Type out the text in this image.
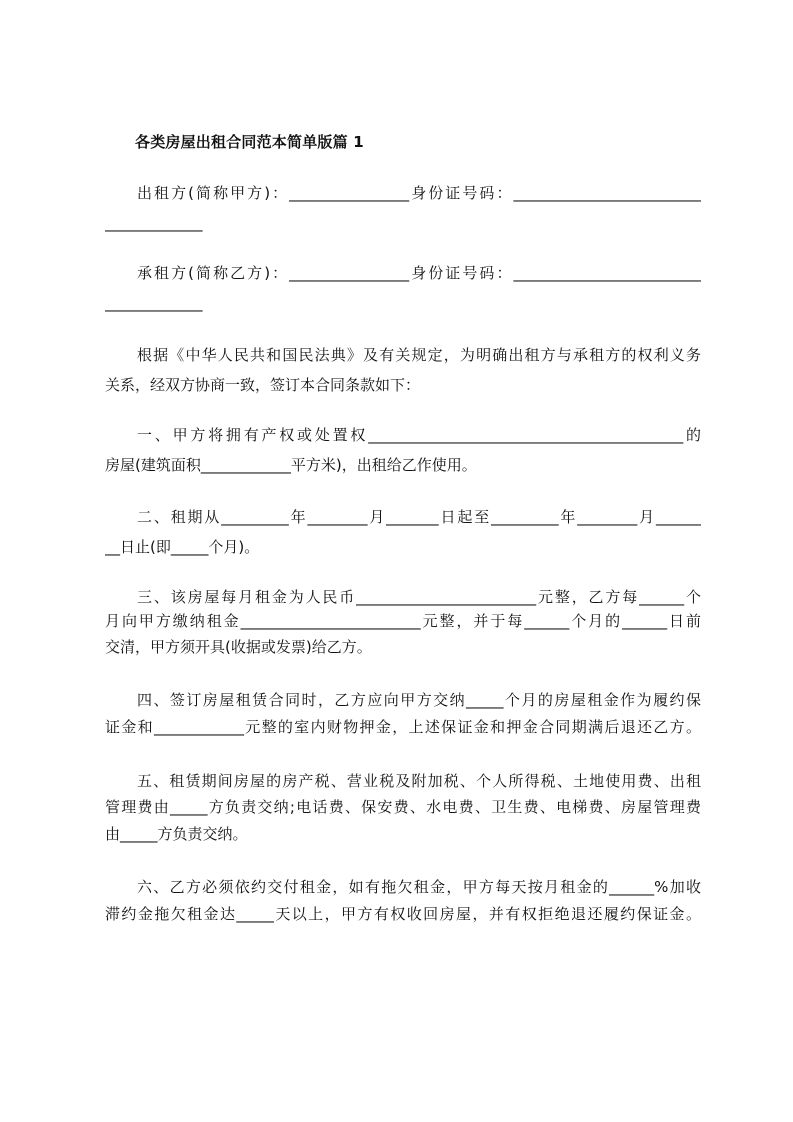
各类房屋出租合同范本简单版篇 1
出租方(简称甲方)：________________身份证号码：_________________________
_____________
承租方(简称乙方)：________________身份证号码：_________________________
_____________
根据《中华人民共和国民法典》及有关规定，为明确出租方与承租方的权利义务
关系，经双方协商一致，签订本合同条款如下：
一、甲方将拥有产权或处置权__________________________________________的
房屋(建筑面积____________平方米)，出租给乙作使用。
二、租期从_________年________月_______日起至_________年________月______
__日止(即_____个月)。
三、该房屋每月租金为人民币________________________元整，乙方每______个
月向甲方缴纳租金________________________元整，并于每______个月的______日前
交清，甲方须开具(收据或发票)给乙方。
四、签订房屋租赁合同时，乙方应向甲方交纳_____个月的房屋租金作为履约保
证金和____________元整的室内财物押金，上述保证金和押金合同期满后退还乙方。
五、租赁期间房屋的房产税、营业税及附加税、个人所得税、土地使用费、出租
管理费由_____方负责交纳;电话费、保安费、水电费、卫生费、电梯费、房屋管理费
由_____方负责交纳。
六、乙方必须依约交付租金，如有拖欠租金，甲方每天按月租金的______%加收
滞约金拖欠租金达_____天以上，甲方有权收回房屋，并有权拒绝退还履约保证金。
